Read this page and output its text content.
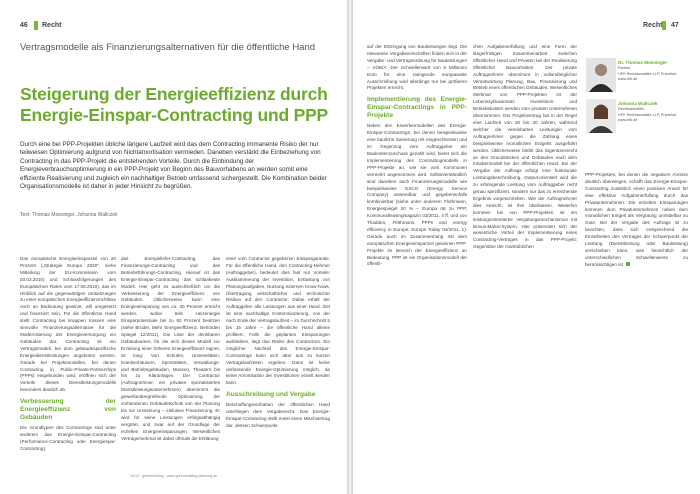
46 Recht
Vertragsmodelle als Finanzierungsalternativen für die öffentliche Hand
Steigerung der Energieeffizienz durch Energie-Einspar-Contracting und PPP
Durch eine bei PPP-Projekten übliche längere Laufzeit wird das dem Contracting immanente Risiko der nur teilweisen Optimierung aufgrund von Nichtamortisation vermieden. Daneben verstärkt die Einbeziehung von Contracting in das PPP-Projekt die entstehenden Vorteile. Durch die Einbindung der Energieverbrauchsoptimierung in ein PPP-Projekt von Beginn des Bauvorhabens an werden somit eine effiziente Realisierung und zugleich ein nachhaltiger Betrieb umfassend sichergestellt. Die Kombination beider Organisationsmodelle ist daher in jeder Hinsicht zu begrüßen.
Text: Thomas Moesinger, Johanna Wallczek

Das europäische Energieeinsparziel von 20 Prozent („Strategie Europa 2020“, siehe Mitteilung der EU-Kommission vom 03.03.2010) und Schlussfolgerungen des Europäischen Rates vom 17.06.2010), das im Hinblick auf die gegenwärtigen Umsetzungen zu einer europäischen Energieeffizienzrichtlinie noch an Bedeutung gewinnt, will umgesetzt und finanziert sein. Für die öffentliche Hand stellt Contracting bei knappen Kassen eine sinnvolle Finanzierungsalternative für die Modernisierung der Energieversorgung ein Gebäuden dar. Contracting ist ein Vertragsmodell, bei dem gebäudespezifische Energiedienstleistungen angeboten werden. Gerade bei Projektmodellen, bei denen Contracting in Public-Private-Partnerships (PPPs) eingebunden wird, eröffnen sich der Vorteile dieses Dienstleistungsmodells besonders deutlich ab.

Verbesserung der Energieeffizienz von Gebäuden

Die Grundtypen des Contractings sind unter anderem das Energie-Einspar-Contracting (Performance-Contracting oder Energiespar-Contracting),

das Energieliefer-Contracting, das Finanzierungs-Contracting und das Betriebsführungs-Contracting. Hierauf ist das Energie-Einspar-Contracting das schlankeste Modell. Hier geht es ausschließlich um die Verbesserung der Energieeffizienz von Gebäuden. Üblicherweise kann eine Energieeinsparung von ca. 30 Prozent erreicht werden, wobei teils Heizenergie Einsparpotenziale bis zu 60 Prozent besitzen (siehe Bruder, Mehr Energieeffizienz, Behörden Spiegel 12/2011). Die Liste der denkbaren Gebäudearten, für die sich dieses Modell zur Erzielung einer höheren Energieeffizienz eignet, ist lang: Von Schulen, Universitäten, Krankenhäusern, Sportstätten, Verwaltungs- und Betriebsgebäuden, Museen, Theatern bis hin zu Kläranlagen. Der Contractor (Auftragnehmer, ein privates spezialisiertes Dienstleistungsunternehmen) übernimmt die gewerkeübergreifende Optimierung der vorhandenen Gebäudetechnik von der Planung bis zur Umsetzung – inklusive Finanzierung. Er wird für seine Leistungen erfolgsabhängig vergütet, und zwar auf der Grundlage der erzielten Energieeinsparungen. Wesentliches Vertragsmerkmal ist dabei oftmals die Erklärung

einer vom Contractor gegebenen Einspargarantie. Für die öffentliche Hand, den Contracting-Nehmer (Auftraggeber), bedeutet dies fast nur Vorteile: Ausklammerung der Investition, Entlastung von Planungsaufgaben, Nutzung externen Know-hows, Übertragung wirtschaftlicher und technischer Risiken auf den Contractor. Dabei erhält der Auftraggeber alle Leistungen aus einer Hand. Ziel ist eine nachhaltige Kostenminderung, von der nach Ende der Vertragslaufzeit – im Durchschnitt 5 bis 15 Jahre – die öffentliche Hand alleine profitiert. Falls die geplanten Einsparungen ausbleiben, liegt das Risiko des Contractors. Ein möglicher Nachteil des Energie-Einspar-Contractings kann sich aber aus zu kurzen Vertragslaufzeiten ergeben. Dann ist keine umfassende Energie-Optimierung möglich, da keine Amortisation der Investitionen erzielt werden kann.

Ausschreibung und Vergabe

Beschaffungsvorhaben der öffentlichen Hand unterliegen dem Vergaberecht. Das Energie-Einspar-Contracting stellt meist einen Mischvertrag dar, dessen Schwerpunkt

04/13 · greenbuilding · www.greenbuilding-planning.de
Recht 47

auf der Erbringung von Bauleistungen liegt. Die relevanten Vergabevorschriften finden sich in der Vergabe- und Vertragsordnung für Bauleistungen – VOB/A. Der Schwellenwert von 5 Millionen Euro für eine zwingende europaweite Ausschreibung wird allerdings nur bei größeren Projekten erreicht.

Implementierung des Energie-Einspar-Contractings in PPP-Projekte

Neben den Erwerbermodellen des Energie-Einspar-Contractings, bei denen beispielsweise eine bauliche Sanierung mit eingeschlossen und im Gegenzug vom Auftraggeber ein Baukostenzuschuss gezahlt wird, bietet sich die Implementierung des Contractingmodells in PPP-Projekte an, wie sie vom Kommunen vermehrt angenommen wird. Selbstverständlich sind daneben auch Finanzierungsmodelle wie beispielsweise ESCO (Energy Service Company) anwendbar und gegebenenfalls kombinierbar (siehe unter anderem Flothmann, Energiespiegel 20 % – Europa rät zu PPP, Kommunalleasingmagazin 03/2011, 4 ff. und von Thadden, Flöthmann, PPPs and energy efficiency in Europe, Europe Today 04/2011, 1). Gerade auch im Zusammenhang mit dem europäischen Energieeinsparziel gewinnen PPP-Projekte im Bereich der Energieeffizienz an Bedeutung. PPP ist ein Organisationsmodell der öffentli-

chen Aufgabenerfüllung und eine Form der längerfristigen Zusammenarbeit zwischen öffentlicher Hand und Privaten bei der Realisierung öffentlicher Bauvorhaben. Der private Auftragnehmer übernimmt in vollumfänglicher Verantwortung Planung, Bau, Finanzierung und Betrieb eines öffentlichen Gebäudes. Wesentliches Merkmal von PPP-Projekten ist der Lebenszyklusansatz: Investitions- und Betriebskosten werden vom privaten Unternehmen übernommen. Der Projektvertrag hat in der Regel eine Laufzeit von 20 bis 30 Jahren, während welcher die vereinbarten Leistungen vom Auftragnehmer gegen die Zahlung eines beispielsweise monatlichen Entgelts ausgeführt werden. Üblicherweise bleibt das Eigentumsrecht an den Grundstücken und Gebäuden nach dem Inhabermodell bei der öffentlichen Hand. Bei der Vergabe der Auftrags erfolgt eine funktionale Leistungsbeschreibung. Output-orientiert wird die zu erbringende Leistung vom Auftraggeber nicht genau spezifiziert, sondern nur das zu erreichende Ergebnis vorgeschrieben. Wie der Auftragnehmer dies erreicht, ist ihm überlassen. Weiterhin kommen bei von PPP-Projekten ist ein leistungsorientierter Vergütungsmechanismus mit Bonus-Malus-System. Hier präsentiert sich der wesentliche Vorteil der Implementierung eines Contracting-Vertrages in das PPP-Projekt: Gegenüber der marktüblichen

Dr. Thomas Moesinger
Partner,
HFK Rechtsanwälte LLP, Frankfurt
www.hfk.de
Johanna Wallczek
Rechtsanwältin,
HFK Rechtsanwälte LLP, Frankfurt
www.hfk.de

PPP-Projekten, bei denen die negativen Anreize deutlich überwiegen, schafft das Energie-Einspar-Contracting zusätzlich einen positiven Anreiz für eine effektive Aufgabenerfüllung durch das Privatunternehmen. Die erzielten Einsparungen kommen dem Privatunternehmen neben dem monatlichen Entgelt als Vergütung unmittelbar zu Gute. Bei der Vergabe des Auftrags ist zu beachten, dass sich entsprechend die Einzelheiten des Vertrages der Schwerpunkt der Leistung (Dienstleistung oder Bauleistung) verschieben kann, was hinsichtlich der unterschiedlichen Schwellenwerte zu berücksichtigen ist.
